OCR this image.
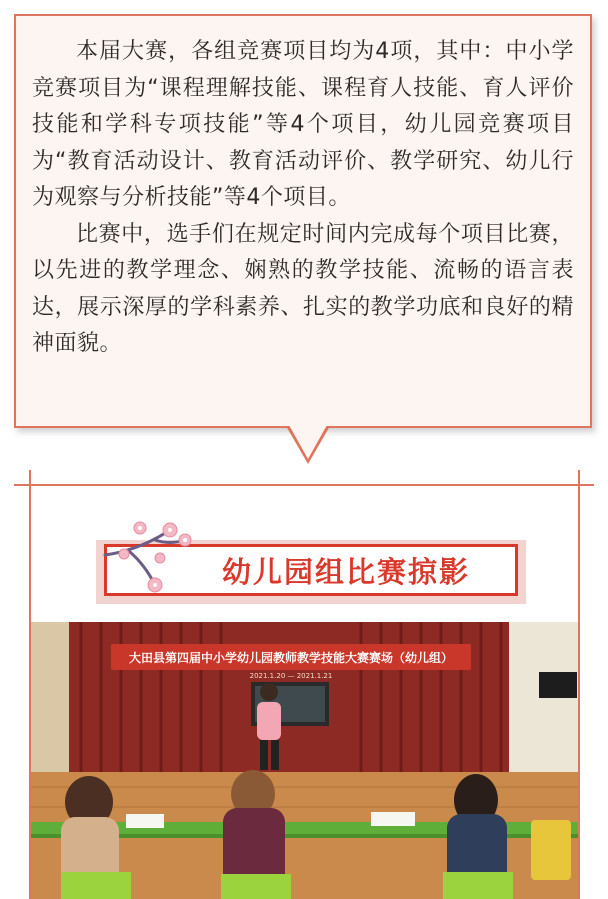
本届大赛，各组竞赛项目均为4项，其中：中小学竞赛项目为“课程理解技能、课程育人技能、育人评价技能和学科专项技能”等4个项目，幼儿园竞赛项目为“教育活动设计、教育活动评价、教学研究、幼儿行为观察与分析技能”等4个项目。

比赛中，选手们在规定时间内完成每个项目比赛，以先进的教学理念、娴熟的教学技能、流畅的语言表达，展示深厚的学科素养、扎实的教学功底和良好的精神面貌。

幼儿园组比赛掠影
大田县第四届中小学幼儿园教师教学技能大赛赛场（幼儿组）
2021.1.20 — 2021.1.21
